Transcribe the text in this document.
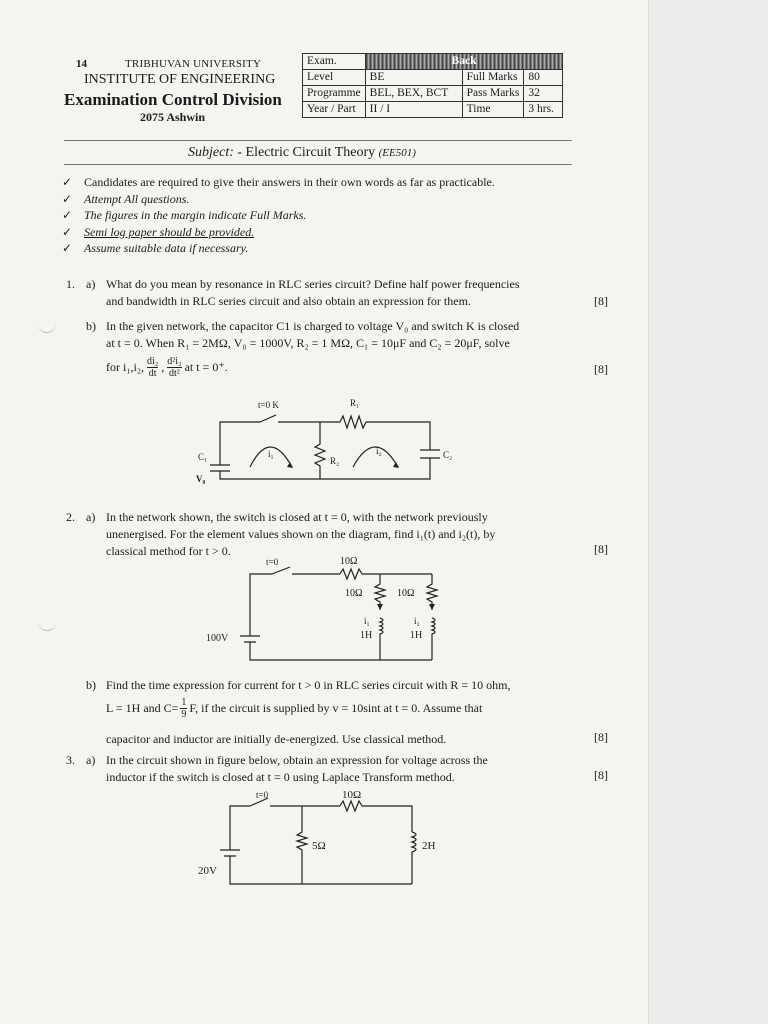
14	TRIBHUVAN UNIVERSITY
INSTITUTE OF ENGINEERING
Examination Control Division
2075 Ashwin
Exam.	Back		
Level	BE	Full Marks	80
Programme	BEL, BEX, BCT	Pass Marks	32
Year / Part	II / I	Time	3 hrs.
Subject: - Electric Circuit Theory (EE501)
✓ Candidates are required to give their answers in their own words as far as practicable.
✓ Attempt All questions.
✓ The figures in the margin indicate Full Marks.
✓ Semi log paper should be provided.
✓ Assume suitable data if necessary.
1. a) What do you mean by resonance in RLC series circuit? Define half power frequencies
and bandwidth in RLC series circuit and also obtain an expression for them.	[8]
b) In the given network, the capacitor C1 is charged to voltage V₀ and switch K is closed
at t = 0. When R₁ = 2MΩ, V₀ = 1000V, R₂ = 1 MΩ, C₁ = 10μF and C₂ = 20μF, solve
for i₁,i₂, di₂
dt , d²i₂
dt² at t = 0⁺.	[8]
t=0 K	R₁
C₁
V₀
i₁
R₂
i₂	C₂
2. a) In the network shown, the switch is closed at t = 0, with the network previously
unenergised. For the element values shown on the diagram, find i₁(t) and i₂(t), by
classical method for t > 0.	[8]
t=0	10Ω
10Ω	10Ω
i₁	i₂
1H	1H
100V
b) Find the time expression for current for t > 0 in RLC series circuit with R = 10 ohm,
L = 1H and $C= \frac{1}{9} F$, if the circuit is supplied by v = 10sint at t = 0. Assume that
capacitor and inductor are initially de-energized. Use classical method.	[8]
3. a) In the circuit shown in figure below, obtain an expression for voltage across the
inductor if the switch is closed at t = 0 using Laplace Transform method.	[8]
t=0	10Ω
5Ω	2H
20V
